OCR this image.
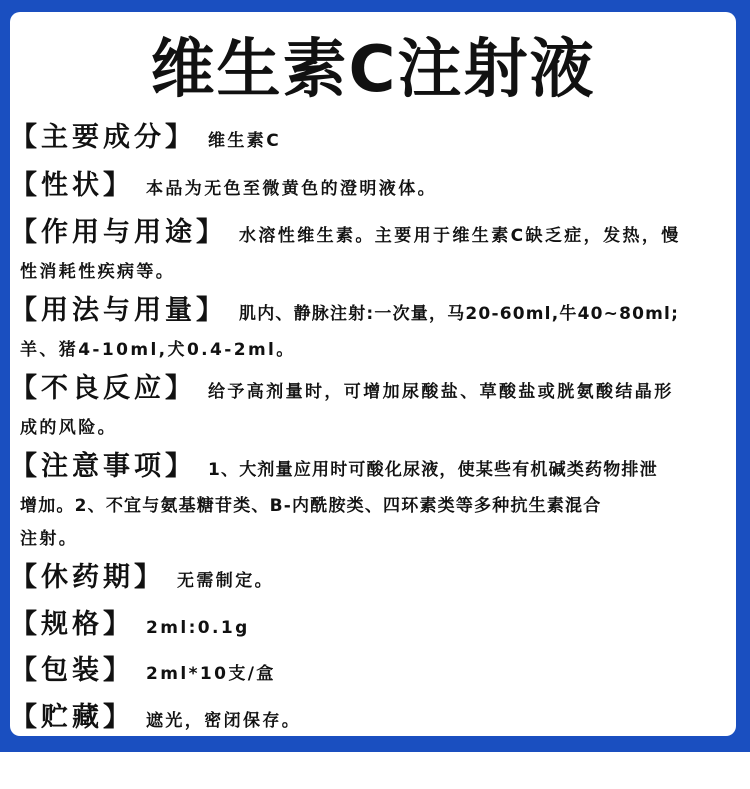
维生素C注射液
【主要成分】 维生素C
【性状】 本品为无色至微黄色的澄明液体。
【作用与用途】 水溶性维生素。主要用于维生素C缺乏症，发热，慢
性消耗性疾病等。
【用法与用量】 肌内、静脉注射:一次量，马20-60ml,牛40~80ml;
羊、猪4-10ml,犬0.4-2ml。
【不良反应】 给予高剂量时，可增加尿酸盐、草酸盐或胱氨酸结晶形
成的风险。
【注意事项】 1、大剂量应用时可酸化尿液，使某些有机碱类药物排泄
增加。2、不宜与氨基糖苷类、B-内酰胺类、四环素类等多种抗生素混合
注射。
【休药期】 无需制定。
【规格】 2ml:0.1g
【包装】 2ml*10支/盒
【贮藏】 遮光，密闭保存。
